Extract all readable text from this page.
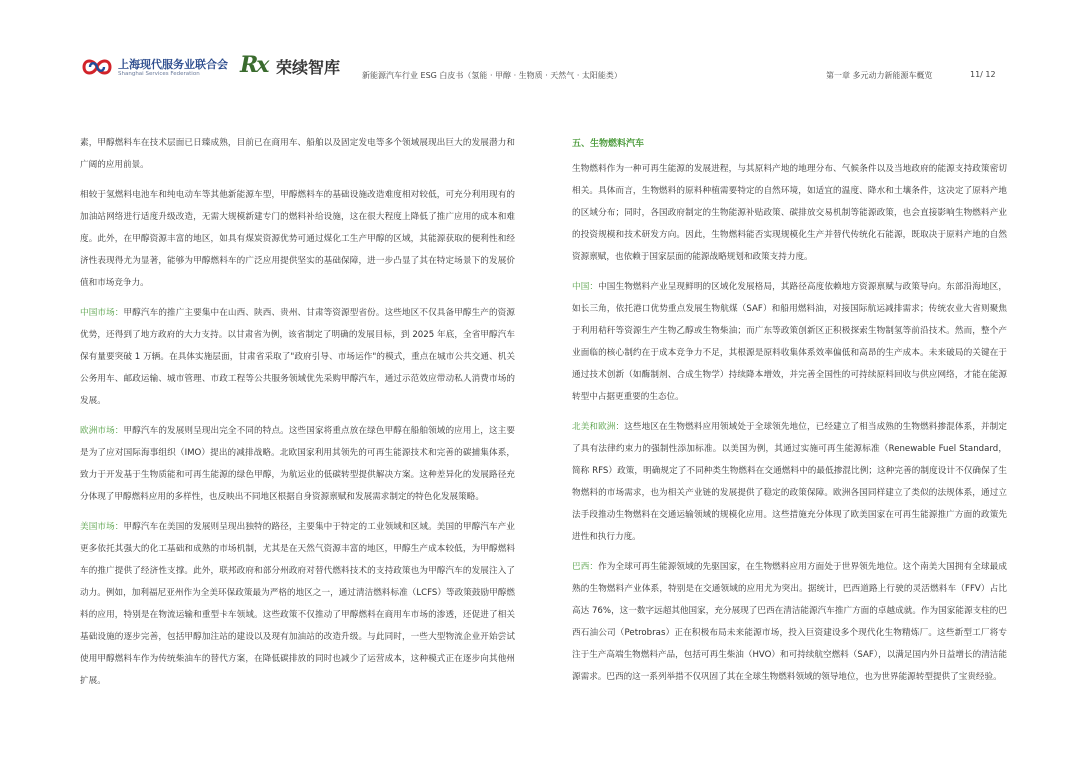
上海现代服务业联合会
Shanghai Services Federation Rx 荣续智库	新能源汽车行业 ESG 白皮书（氢能 · 甲醇 · 生物质 · 天然气 · 太阳能类）	第一章 多元动力新能源车概览	11/ 12

素，甲醇燃料车在技术层面已日臻成熟，目前已在商用车、船舶以及固定发电等多个领域展现出巨大的发展潜力和广阔的应用前景。

相较于氢燃料电池车和纯电动车等其他新能源车型，甲醇燃料车的基础设施改造难度相对较低，可充分利用现有的加油站网络进行适度升级改造，无需大规模新建专门的燃料补给设施，这在很大程度上降低了推广应用的成本和难度。此外，在甲醇资源丰富的地区，如具有煤炭资源优势可通过煤化工生产甲醇的区域，其能源获取的便利性和经济性表现得尤为显著，能够为甲醇燃料车的广泛应用提供坚实的基础保障，进一步凸显了其在特定场景下的发展价值和市场竞争力。

中国市场：甲醇汽车的推广主要集中在山西、陕西、贵州、甘肃等资源型省份。这些地区不仅具备甲醇生产的资源优势，还得到了地方政府的大力支持。以甘肃省为例，该省制定了明确的发展目标，到 2025 年底，全省甲醇汽车保有量要突破 1 万辆。在具体实施层面，甘肃省采取了"政府引导、市场运作"的模式，重点在城市公共交通、机关公务用车、邮政运输、城市管理、市政工程等公共服务领域优先采购甲醇汽车，通过示范效应带动私人消费市场的发展。

欧洲市场：甲醇汽车的发展则呈现出完全不同的特点。这些国家将重点放在绿色甲醇在船舶领域的应用上，这主要是为了应对国际海事组织（IMO）提出的减排战略。北欧国家利用其领先的可再生能源技术和完善的碳捕集体系，致力于开发基于生物质能和可再生能源的绿色甲醇，为航运业的低碳转型提供解决方案。这种差异化的发展路径充分体现了甲醇燃料应用的多样性，也反映出不同地区根据自身资源禀赋和发展需求制定的特色化发展策略。

美国市场：甲醇汽车在美国的发展则呈现出独特的路径，主要集中于特定的工业领域和区域。美国的甲醇汽车产业更多依托其强大的化工基础和成熟的市场机制，尤其是在天然气资源丰富的地区，甲醇生产成本较低，为甲醇燃料车的推广提供了经济性支撑。此外，联邦政府和部分州政府对替代燃料技术的支持政策也为甲醇汽车的发展注入了动力。例如，加利福尼亚州作为全美环保政策最为严格的地区之一，通过清洁燃料标准（LCFS）等政策鼓励甲醇燃料的应用，特别是在物流运输和重型卡车领域。这些政策不仅推动了甲醇燃料在商用车市场的渗透，还促进了相关基础设施的逐步完善，包括甲醇加注站的建设以及现有加油站的改造升级。与此同时，一些大型物流企业开始尝试使用甲醇燃料车作为传统柴油车的替代方案，在降低碳排放的同时也减少了运营成本，这种模式正在逐步向其他州扩展。

五、生物燃料汽车

生物燃料作为一种可再生能源的发展进程，与其原料产地的地理分布、气候条件以及当地政府的能源支持政策密切相关。具体而言，生物燃料的原料种植需要特定的自然环境，如适宜的温度、降水和土壤条件，这决定了原料产地的区域分布；同时，各国政府制定的生物能源补贴政策、碳排放交易机制等能源政策，也会直接影响生物燃料产业的投资规模和技术研发方向。因此，生物燃料能否实现规模化生产并替代传统化石能源，既取决于原料产地的自然资源禀赋，也依赖于国家层面的能源战略规划和政策支持力度。

中国：中国生物燃料产业呈现鲜明的区域化发展格局，其路径高度依赖地方资源禀赋与政策导向。东部沿海地区，如长三角，依托港口优势重点发展生物航煤（SAF）和船用燃料油，对接国际航运减排需求；传统农业大省则聚焦于利用秸秆等资源生产生物乙醇或生物柴油；而广东等政策创新区正积极探索生物制氢等前沿技术。然而，整个产业面临的核心制约在于成本竞争力不足，其根源是原料收集体系效率偏低和高昂的生产成本。未来破局的关键在于通过技术创新（如酶制剂、合成生物学）持续降本增效，并完善全国性的可持续原料回收与供应网络，才能在能源转型中占据更重要的生态位。

北美和欧洲：这些地区在生物燃料应用领域处于全球领先地位，已经建立了相当成熟的生物燃料掺混体系，并制定了具有法律约束力的强制性添加标准。以美国为例，其通过实施可再生能源标准（Renewable Fuel Standard，简称 RFS）政策，明确规定了不同种类生物燃料在交通燃料中的最低掺混比例；这种完善的制度设计不仅确保了生物燃料的市场需求，也为相关产业链的发展提供了稳定的政策保障。欧洲各国同样建立了类似的法规体系，通过立法手段推动生物燃料在交通运输领域的规模化应用。这些措施充分体现了欧美国家在可再生能源推广方面的政策先进性和执行力度。

巴西：作为全球可再生能源领域的先驱国家，在生物燃料应用方面处于世界领先地位。这个南美大国拥有全球最成熟的生物燃料产业体系，特别是在交通领域的应用尤为突出。据统计，巴西道路上行驶的灵活燃料车（FFV）占比高达 76%，这一数字远超其他国家，充分展现了巴西在清洁能源汽车推广方面的卓越成就。作为国家能源支柱的巴西石油公司（Petrobras）正在积极布局未来能源市场，投入巨资建设多个现代化生物精炼厂。这些新型工厂将专注于生产高端生物燃料产品，包括可再生柴油（HVO）和可持续航空燃料（SAF），以满足国内外日益增长的清洁能源需求。巴西的这一系列举措不仅巩固了其在全球生物燃料领域的领导地位，也为世界能源转型提供了宝贵经验。
